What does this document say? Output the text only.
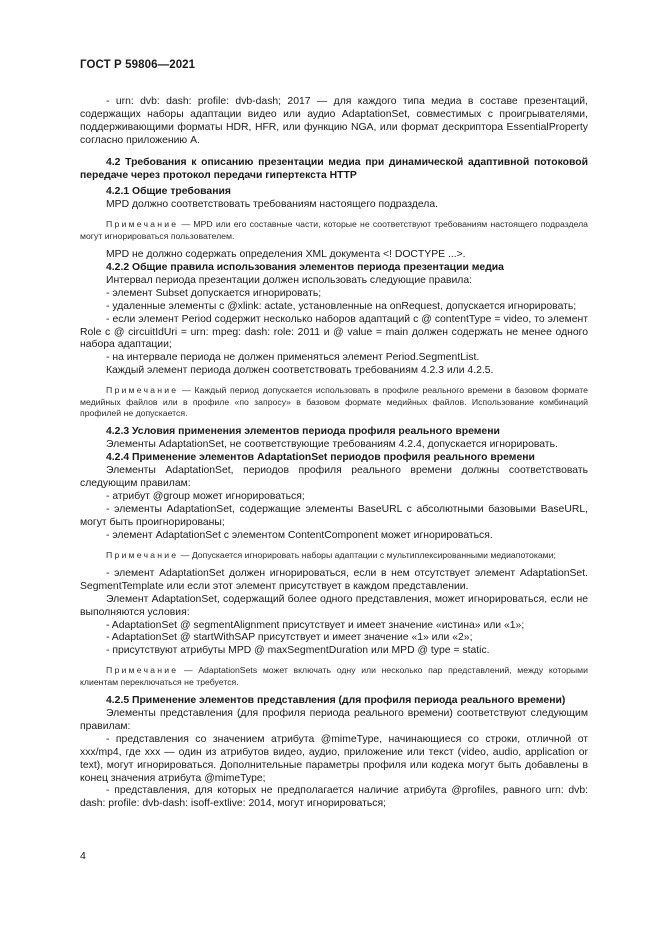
ГОСТ Р 59806—2021

- urn: dvb: dash: profile: dvb-dash; 2017 — для каждого типа медиа в составе презентаций, содержащих наборы адаптации видео или аудио AdaptationSet, совместимых с проигрывателями, поддерживающими форматы HDR, HFR, или функцию NGA, или формат дескриптора EssentialProperty согласно приложению А.

4.2 Требования к описанию презентации медиа при динамической адаптивной потоковой передаче через протокол передачи гипертекста HTTP

4.2.1 Общие требования

MPD должно соответствовать требованиям настоящего подраздела.

Примечание — MPD или его составные части, которые не соответствуют требованиям настоящего подраздела могут игнорироваться пользователем.

MPD не должно содержать определения XML документа <! DOCTYPE ...>.

4.2.2 Общие правила использования элементов периода презентации медиа

Интервал периода презентации должен использовать следующие правила:

- элемент Subset допускается игнорировать;

- удаленные элементы с @xlink: actate, установленные на onRequest, допускается игнорировать;

- если элемент Period содержит несколько наборов адаптаций с @ contentType = video, то элемент Role с @ circuitIdUri = urn: mpeg: dash: role: 2011 и @ value = main должен содержать не менее одного набора адаптации;

- на интервале периода не должен применяться элемент Period.SegmentList.

Каждый элемент периода должен соответствовать требованиям 4.2.3 или 4.2.5.

Примечание — Каждый период допускается использовать в профиле реального времени в базовом формате медийных файлов или в профиле «по запросу» в базовом формате медийных файлов. Использование комбинаций профилей не допускается.

4.2.3 Условия применения элементов периода профиля реального времени

Элементы AdaptationSet, не соответствующие требованиям 4.2.4, допускается игнорировать.

4.2.4 Применение элементов AdaptationSet периодов профиля реального времени

Элементы AdaptationSet, периодов профиля реального времени должны соответствовать следующим правилам:

- атрибут @group может игнорироваться;

- элементы AdaptationSet, содержащие элементы BaseURL с абсолютными базовыми BaseURL, могут быть проигнорированы;

- элемент AdaptationSet с элементом ContentComponent может игнорироваться.

Примечание — Допускается игнорировать наборы адаптации с мультиплексированными медиапотоками;

- элемент AdaptationSet должен игнорироваться, если в нем отсутствует элемент AdaptationSet. SegmentTemplate или если этот элемент присутствует в каждом представлении.

Элемент AdaptationSet, содержащий более одного представления, может игнорироваться, если не выполняются условия:

- AdaptationSet @ segmentAlignment присутствует и имеет значение «истина» или «1»;

- AdaptationSet @ startWithSAP присутствует и имеет значение «1» или «2»;

- присутствуют атрибуты MPD @ maxSegmentDuration или MPD @ type = static.

Примечание — AdaptationSets может включать одну или несколько пар представлений, между которыми клиентам переключаться не требуется.

4.2.5 Применение элементов представления (для профиля периода реального времени)

Элементы представления (для профиля периода реального времени) соответствуют следующим правилам:

- представления со значением атрибута @mimeType, начинающиеся со строки, отличной от xxx/mp4, где xxx — один из атрибутов видео, аудио, приложение или текст (video, audio, application or text), могут игнорироваться. Дополнительные параметры профиля или кодека могут быть добавлены в конец значения атрибута @mimeType;

- представления, для которых не предполагается наличие атрибута @profiles, равного urn: dvb: dash: profile: dvb-dash: isoff-extlive: 2014, могут игнорироваться;

4
